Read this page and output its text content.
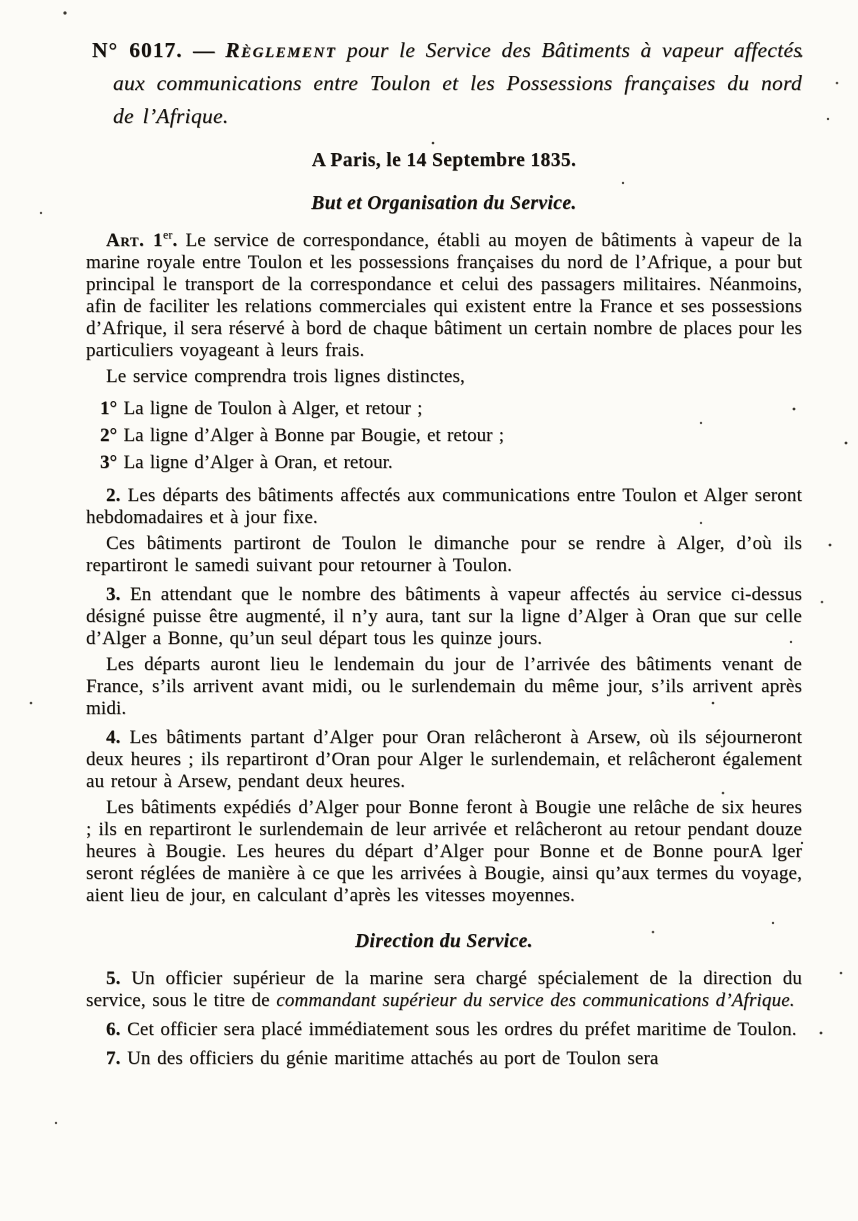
N° 6017. — Règlement pour le Service des Bâtiments à vapeur affectés aux communications entre Toulon et les Possessions françaises du nord de l’Afrique.
A Paris, le 14 Septembre 1835.
But et Organisation du Service.

Art. 1er. Le service de correspondance, établi au moyen de bâtiments à vapeur de la marine royale entre Toulon et les possessions françaises du nord de l’Afrique, a pour but principal le transport de la correspondance et celui des passagers militaires. Néanmoins, afin de faciliter les relations commerciales qui existent entre la France et ses possessions d’Afrique, il sera réservé à bord de chaque bâtiment un certain nombre de places pour les particuliers voyageant à leurs frais.

Le service comprendra trois lignes distinctes,

1° La ligne de Toulon à Alger, et retour ;
2° La ligne d’Alger à Bonne par Bougie, et retour ;
3° La ligne d’Alger à Oran, et retour.

2. Les départs des bâtiments affectés aux communications entre Toulon et Alger seront hebdomadaires et à jour fixe.

Ces bâtiments partiront de Toulon le dimanche pour se rendre à Alger, d’où ils repartiront le samedi suivant pour retourner à Toulon.

3. En attendant que le nombre des bâtiments à vapeur affectés au service ci-dessus désigné puisse être augmenté, il n’y aura, tant sur la ligne d’Alger à Oran que sur celle d’Alger a Bonne, qu’un seul départ tous les quinze jours.

Les départs auront lieu le lendemain du jour de l’arrivée des bâtiments venant de France, s’ils arrivent avant midi, ou le surlendemain du même jour, s’ils arrivent après midi.

4. Les bâtiments partant d’Alger pour Oran relâcheront à Arsew, où ils séjourneront deux heures ; ils repartiront d’Oran pour Alger le surlendemain, et relâcheront également au retour à Arsew, pendant deux heures.

Les bâtiments expédiés d’Alger pour Bonne feront à Bougie une relâche de six heures ; ils en repartiront le surlendemain de leur arrivée et relâcheront au retour pendant douze heures à Bougie. Les heures du départ d’Alger pour Bonne et de Bonne pourA lger seront réglées de manière à ce que les arrivées à Bougie, ainsi qu’aux termes du voyage, aient lieu de jour, en calculant d’après les vitesses moyennes.

Direction du Service.

5. Un officier supérieur de la marine sera chargé spécialement de la direction du service, sous le titre de commandant supérieur du service des communications d’Afrique.

6. Cet officier sera placé immédiatement sous les ordres du préfet maritime de Toulon.

7. Un des officiers du génie maritime attachés au port de Toulon sera
